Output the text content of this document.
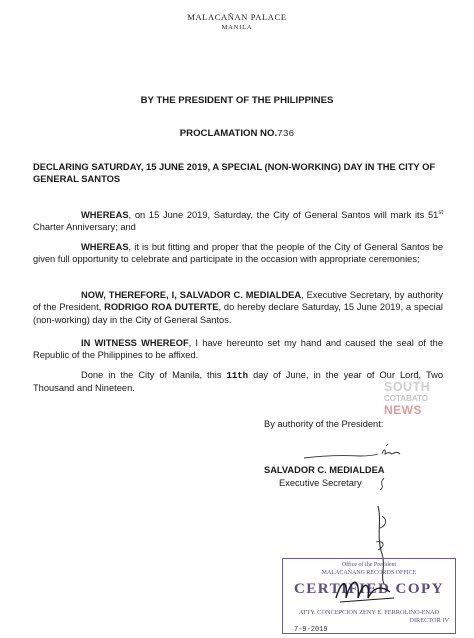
MALACAÑAN PALACE
MANILA
BY THE PRESIDENT OF THE PHILIPPINES
PROCLAMATION NO.736
DECLARING SATURDAY, 15 JUNE 2019, A SPECIAL (NON-WORKING) DAY IN THE CITY OF GENERAL SANTOS
WHEREAS, on 15 June 2019, Saturday, the City of General Santos will mark its 51st Charter Anniversary; and
WHEREAS, it is but fitting and proper that the people of the City of General Santos be given full opportunity to celebrate and participate in the occasion with appropriate ceremonies;
NOW, THEREFORE, I, SALVADOR C. MEDIALDEA, Executive Secretary, by authority of the President, RODRIGO ROA DUTERTE, do hereby declare Saturday, 15 June 2019, a special (non-working) day in the City of General Santos.
IN WITNESS WHEREOF, I have hereunto set my hand and caused the seal of the Republic of the Philippines to be affixed.
Done in the City of Manila, this 11th day of June, in the year of Our Lord, Two Thousand and Nineteen.	SOUTH
COTABATO
NEWS
By authority of the President:
SALVADOR C. MEDIALDEA
Executive Secretary
Office of the President
MALACAÑANG RECORDS OFFICE
CERTIFIED COPY
ATTY. CONCEPCION ZENY E. FERROLINO-ENAD
DIRECTOR IV
7-9-2019
